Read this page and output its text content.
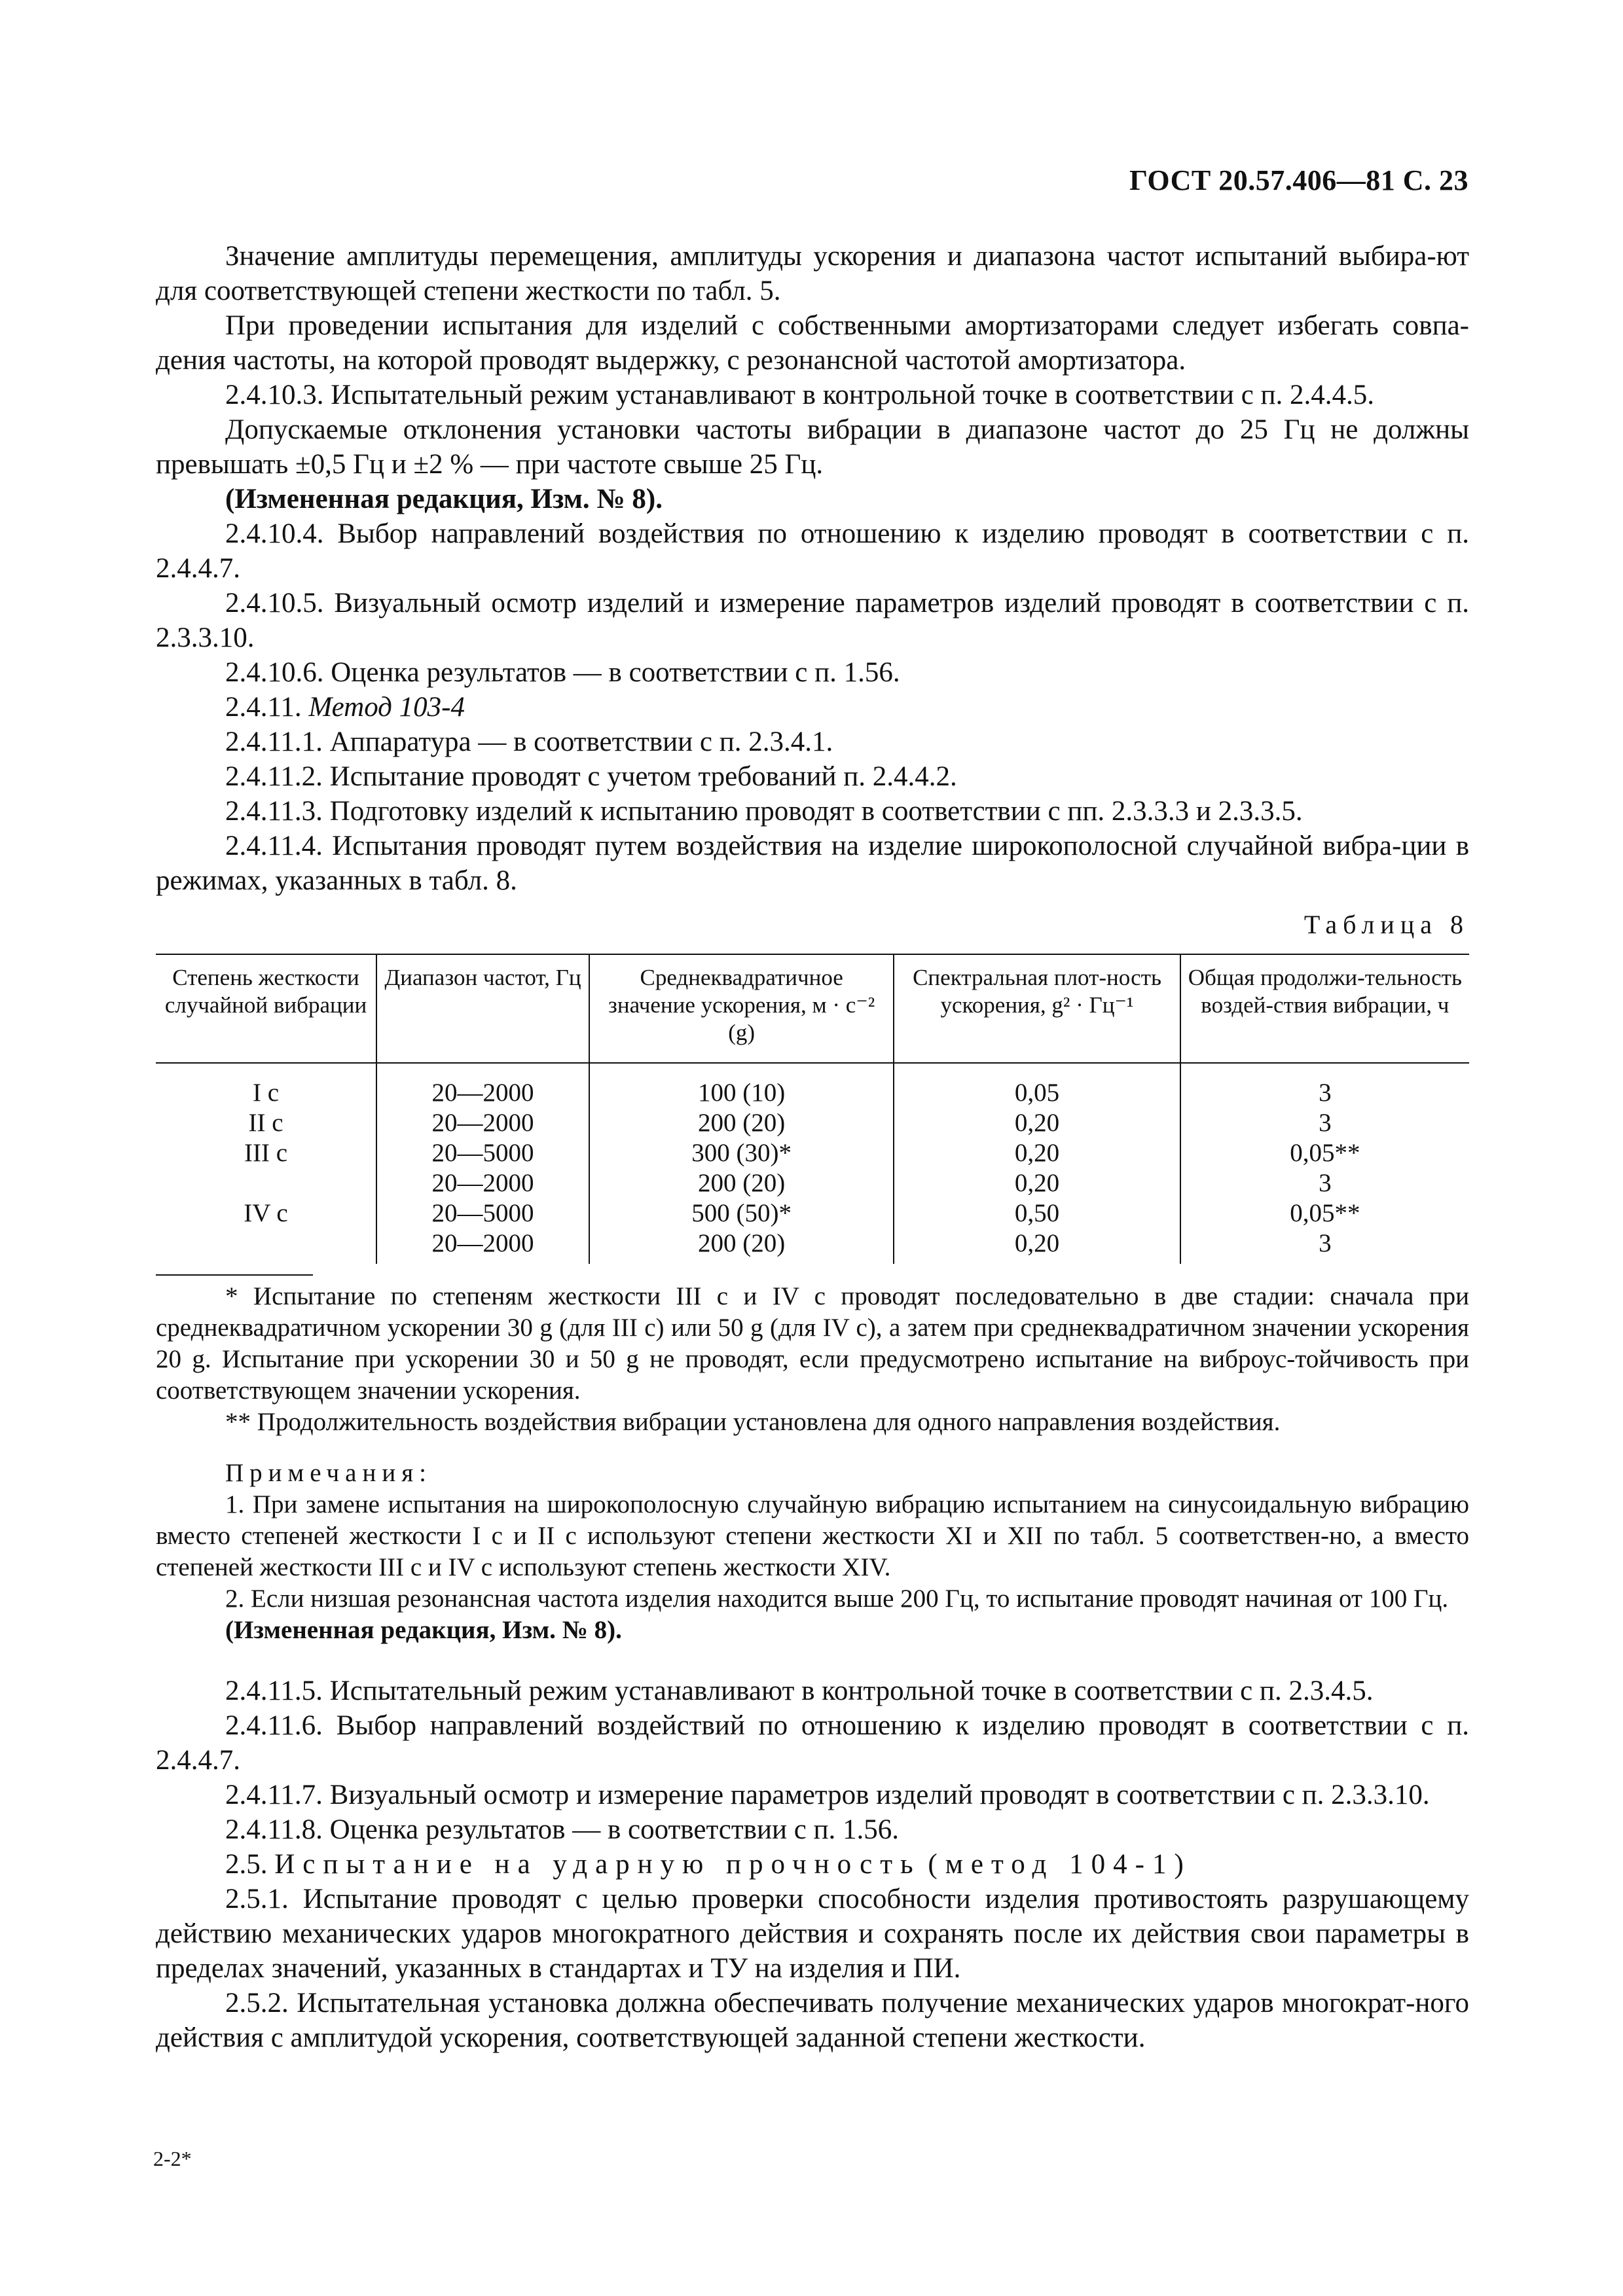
ГОСТ 20.57.406—81 С. 23

Значение амплитуды перемещения, амплитуды ускорения и диапазона частот испытаний выбира-ют для соответствующей степени жесткости по табл. 5.

При проведении испытания для изделий с собственными амортизаторами следует избегать совпа-дения частоты, на которой проводят выдержку, с резонансной частотой амортизатора.

2.4.10.3. Испытательный режим устанавливают в контрольной точке в соответствии с п. 2.4.4.5.

Допускаемые отклонения установки частоты вибрации в диапазоне частот до 25 Гц не должны превышать ±0,5 Гц и ±2 % — при частоте свыше 25 Гц.

(Измененная редакция, Изм. № 8).

2.4.10.4. Выбор направлений воздействия по отношению к изделию проводят в соответствии с п. 2.4.4.7.

2.4.10.5. Визуальный осмотр изделий и измерение параметров изделий проводят в соответствии с п. 2.3.3.10.

2.4.10.6. Оценка результатов — в соответствии с п. 1.56.

2.4.11. Метод 103-4

2.4.11.1. Аппаратура — в соответствии с п. 2.3.4.1.

2.4.11.2. Испытание проводят с учетом требований п. 2.4.4.2.

2.4.11.3. Подготовку изделий к испытанию проводят в соответствии с пп. 2.3.3.3 и 2.3.3.5.

2.4.11.4. Испытания проводят путем воздействия на изделие широкополосной случайной вибра-ции в режимах, указанных в табл. 8.

Таблица 8
Степень жесткости случайной вибрации	Диапазон частот, Гц	Среднеквадратичное значение ускорения, м · с⁻² (g)	Спектральная плот-ность ускорения, g² · Гц⁻¹	Общая продолжи-тельность воздей-ствия вибрации, ч
I с	20—2000	100 (10)	0,05	3
II с	20—2000	200 (20)	0,20	3
III с	20—5000	300 (30)*	0,20	0,05**
	20—2000	200 (20)	0,20	3
IV с	20—5000	500 (50)*	0,50	0,05**
	20—2000	200 (20)	0,20	3

* Испытание по степеням жесткости III с и IV с проводят последовательно в две стадии: сначала при среднеквадратичном ускорении 30 g (для III с) или 50 g (для IV с), а затем при среднеквадратичном значении ускорения 20 g. Испытание при ускорении 30 и 50 g не проводят, если предусмотрено испытание на виброус-тойчивость при соответствующем значении ускорения.

** Продолжительность воздействия вибрации установлена для одного направления воздействия.

Примечания:

1. При замене испытания на широкополосную случайную вибрацию испытанием на синусоидальную вибрацию вместо степеней жесткости I с и II с используют степени жесткости XI и XII по табл. 5 соответствен-но, а вместо степеней жесткости III с и IV с используют степень жесткости XIV.

2. Если низшая резонансная частота изделия находится выше 200 Гц, то испытание проводят начиная от 100 Гц.

(Измененная редакция, Изм. № 8).

2.4.11.5. Испытательный режим устанавливают в контрольной точке в соответствии с п. 2.3.4.5.

2.4.11.6. Выбор направлений воздействий по отношению к изделию проводят в соответствии с п. 2.4.4.7.

2.4.11.7. Визуальный осмотр и измерение параметров изделий проводят в соответствии с п. 2.3.3.10.

2.4.11.8. Оценка результатов — в соответствии с п. 1.56.

2.5. Испытание на ударную прочность (метод 104-1)

2.5.1. Испытание проводят с целью проверки способности изделия противостоять разрушающему действию механических ударов многократного действия и сохранять после их действия свои параметры в пределах значений, указанных в стандартах и ТУ на изделия и ПИ.

2.5.2. Испытательная установка должна обеспечивать получение механических ударов многократ-ного действия с амплитудой ускорения, соответствующей заданной степени жесткости.

2-2*
